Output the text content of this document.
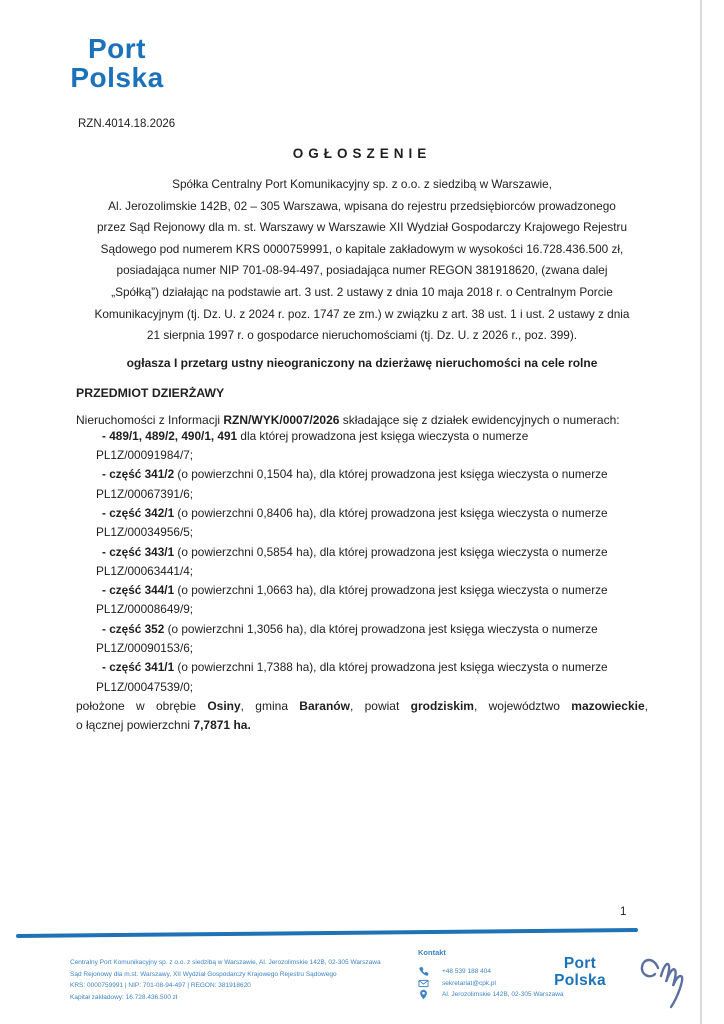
Port
Polska
RZN.4014.18.2026
OGŁOSZENIE
Spółka Centralny Port Komunikacyjny sp. z o.o. z siedzibą w Warszawie,
Al. Jerozolimskie 142B, 02 – 305 Warszawa, wpisana do rejestru przedsiębiorców prowadzonego
przez Sąd Rejonowy dla m. st. Warszawy w Warszawie XII Wydział Gospodarczy Krajowego Rejestru
Sądowego pod numerem KRS 0000759991, o kapitale zakładowym w wysokości 16.728.436.500 zł,
posiadająca numer NIP 701-08-94-497, posiadająca numer REGON 381918620, (zwana dalej
„Spółką”) działając na podstawie art. 3 ust. 2 ustawy z dnia 10 maja 2018 r. o Centralnym Porcie
Komunikacyjnym (tj. Dz. U. z 2024 r. poz. 1747 ze zm.) w związku z art. 38 ust. 1 i ust. 2 ustawy z dnia
21 sierpnia 1997 r. o gospodarce nieruchomościami (tj. Dz. U. z 2026 r., poz. 399).
ogłasza I przetarg ustny nieograniczony na dzierżawę nieruchomości na cele rolne
PRZEDMIOT DZIERŻAWY
Nieruchomości z Informacji RZN/WYK/0007/2026 składające się z działek ewidencyjnych o numerach:
- 489/1, 489/2, 490/1, 491 dla której prowadzona jest księga wieczysta o numerze
PL1Z/00091984/7;
- część 341/2 (o powierzchni 0,1504 ha), dla której prowadzona jest księga wieczysta o numerze
PL1Z/00067391/6;
- część 342/1 (o powierzchni 0,8406 ha), dla której prowadzona jest księga wieczysta o numerze
PL1Z/00034956/5;
- część 343/1 (o powierzchni 0,5854 ha), dla której prowadzona jest księga wieczysta o numerze
PL1Z/00063441/4;
- część 344/1 (o powierzchni 1,0663 ha), dla której prowadzona jest księga wieczysta o numerze
PL1Z/00008649/9;
- część 352 (o powierzchni 1,3056 ha), dla której prowadzona jest księga wieczysta o numerze
PL1Z/00090153/6;
- część 341/1 (o powierzchni 1,7388 ha), dla której prowadzona jest księga wieczysta o numerze
PL1Z/00047539/0;
położone w obrębie Osiny, gmina Baranów, powiat grodziskim, województwo mazowieckie,
o łącznej powierzchni 7,7871 ha.
1
Centralny Port Komunikacyjny sp. z o.o. z siedzibą w Warszawie, Al. Jerozolimskie 142B, 02-305 Warszawa
Sąd Rejonowy dla m.st. Warszawy, XII Wydział Gospodarczy Krajowego Rejestru Sądowego
KRS: 0000759991 | NIP: 701-08-94-497 | REGON: 381918620
Kapitał zakładowy: 16.728.436.500 zł
Kontakt
+48 539 188 404
sekretariat@cpk.pl
Al. Jerozolimskie 142B, 02-305 Warszawa
Port
Polska
